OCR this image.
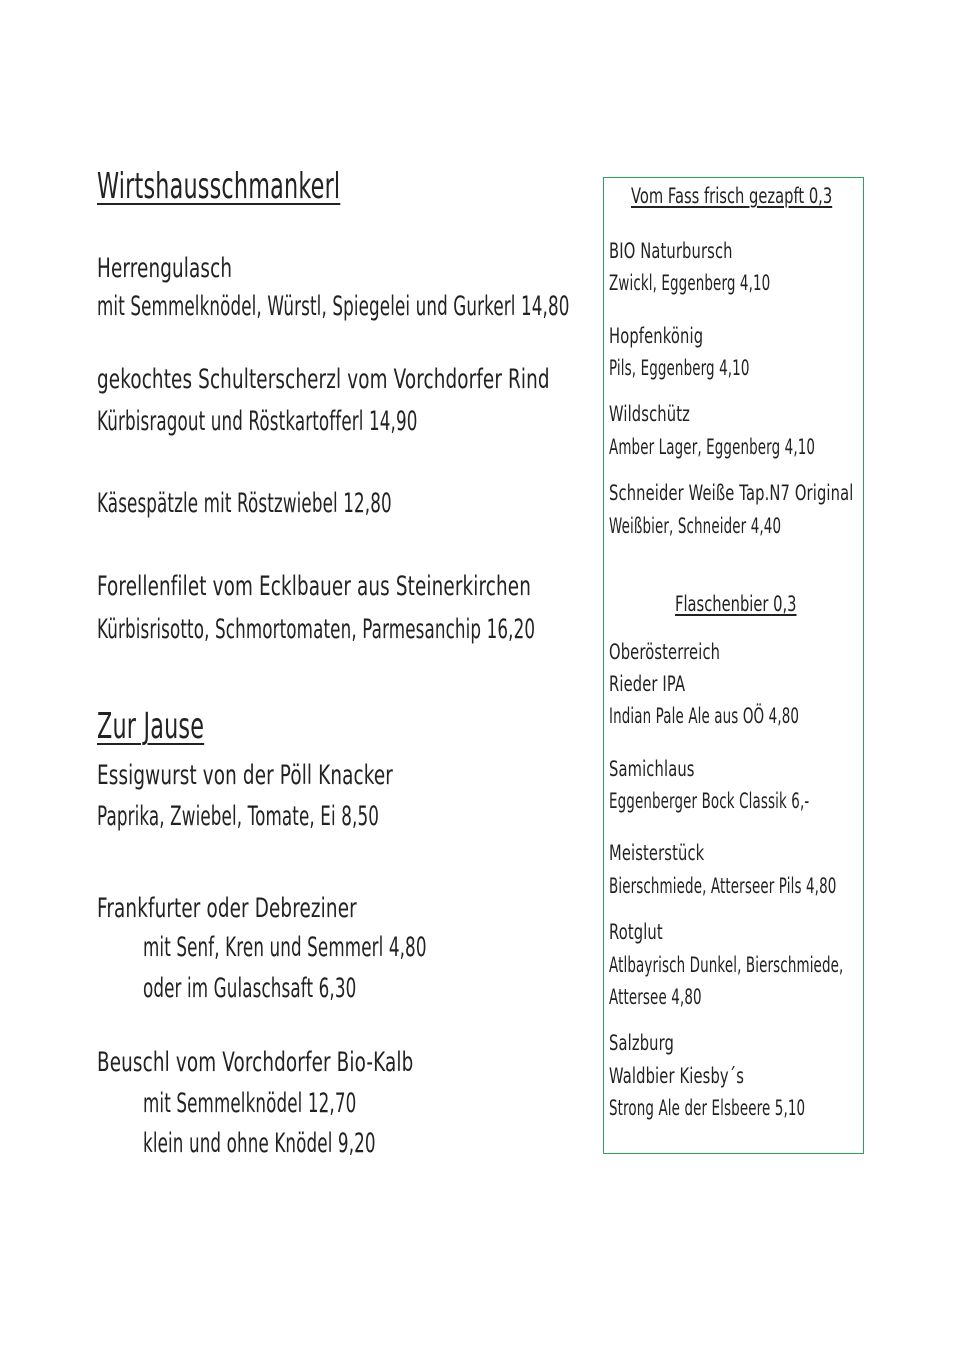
Wirtshausschmankerl
Herrengulasch
mit Semmelknödel, Würstl, Spiegelei und Gurkerl 14,80
gekochtes Schulterscherzl vom Vorchdorfer Rind
Kürbisragout und Röstkartofferl 14,90
Käsespätzle mit Röstzwiebel 12,80
Forellenfilet vom Ecklbauer aus Steinerkirchen
Kürbisrisotto, Schmortomaten, Parmesanchip 16,20
Zur Jause
Essigwurst von der Pöll Knacker
Paprika, Zwiebel, Tomate, Ei 8,50
Frankfurter oder Debreziner
mit Senf, Kren und Semmerl 4,80
oder im Gulaschsaft 6,30
Beuschl vom Vorchdorfer Bio-Kalb
mit Semmelknödel 12,70
klein und ohne Knödel 9,20
Vom Fass frisch gezapft 0,3
BIO Naturbursch
Zwickl, Eggenberg 4,10
Hopfenkönig
Pils, Eggenberg 4,10
Wildschütz
Amber Lager, Eggenberg 4,10
Schneider Weiße Tap.N7 Original
Weißbier, Schneider 4,40
Flaschenbier 0,3
Oberösterreich
Rieder IPA
Indian Pale Ale aus OÖ 4,80
Samichlaus
Eggenberger Bock Classik 6,-
Meisterstück
Bierschmiede, Atterseer Pils 4,80
Rotglut
Atlbayrisch Dunkel, Bierschmiede,
Attersee 4,80
Salzburg
Waldbier Kiesby´s
Strong Ale der Elsbeere 5,10
